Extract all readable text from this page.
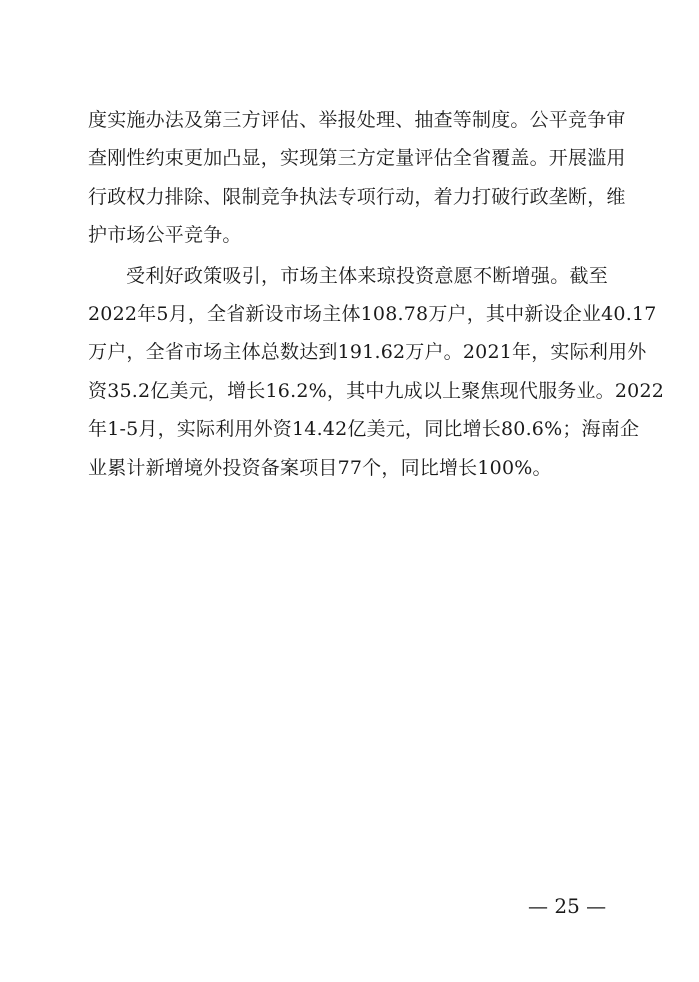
度实施办法及第三方评估、举报处理、抽查等制度。公平竞争审
查刚性约束更加凸显，实现第三方定量评估全省覆盖。开展滥用
行政权力排除、限制竞争执法专项行动，着力打破行政垄断，维
护市场公平竞争。
受利好政策吸引，市场主体来琼投资意愿不断增强。截至
2022年5月，全省新设市场主体108.78万户，其中新设企业40.17
万户，全省市场主体总数达到191.62万户。2021年，实际利用外
资35.2亿美元，增长16.2%，其中九成以上聚焦现代服务业。2022
年1-5月，实际利用外资14.42亿美元，同比增长80.6%；海南企
业累计新增境外投资备案项目77个，同比增长100%。
— 25 —
